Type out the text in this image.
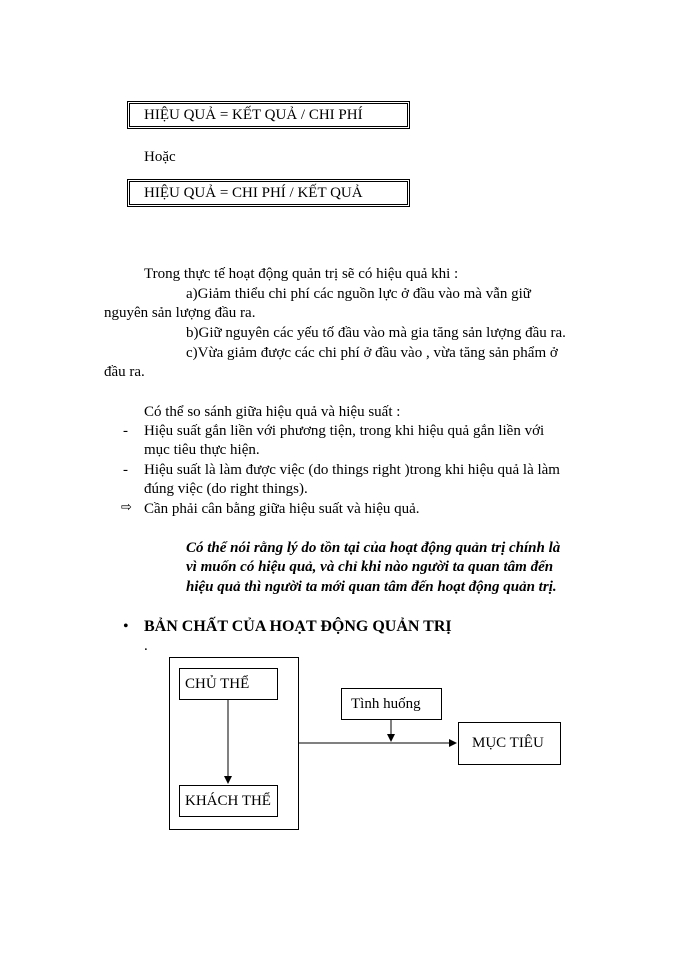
HIỆU QUẢ = KẾT QUẢ / CHI PHÍ
Hoặc
HIỆU QUẢ = CHI PHÍ / KẾT QUẢ
Trong thực tế hoạt động quản trị sẽ có hiệu quả khi :
a)Giảm thiểu chi phí các nguồn lực ở đầu vào mà vẫn giữ
nguyên sản lượng đầu ra.
b)Giữ nguyên các yếu tố đầu vào mà gia tăng sản lượng đầu ra.
c)Vừa giảm được các chi phí ở đầu vào , vừa tăng sản phẩm ở
đầu ra.
Có thể so sánh giữa hiệu quả và hiệu suất :
- Hiệu suất gắn liền với phương tiện, trong khi hiệu quả gắn liền với
mục tiêu thực hiện.
- Hiệu suất là làm được việc (do things right )trong khi hiệu quả là làm
đúng việc (do right things).
⇨ Cần phải cân bằng giữa hiệu suất và hiệu quả.
Có thể nói rằng lý do tồn tại của hoạt động quản trị chính là
vì muốn có hiệu quả, và chỉ khi nào người ta quan tâm đến
hiệu quả thì người ta mới quan tâm đến hoạt động quản trị.
• BẢN CHẤT CỦA HOẠT ĐỘNG QUẢN TRỊ
.
CHỦ THỂ
KHÁCH THỂ
Tình huống
MỤC TIÊU
